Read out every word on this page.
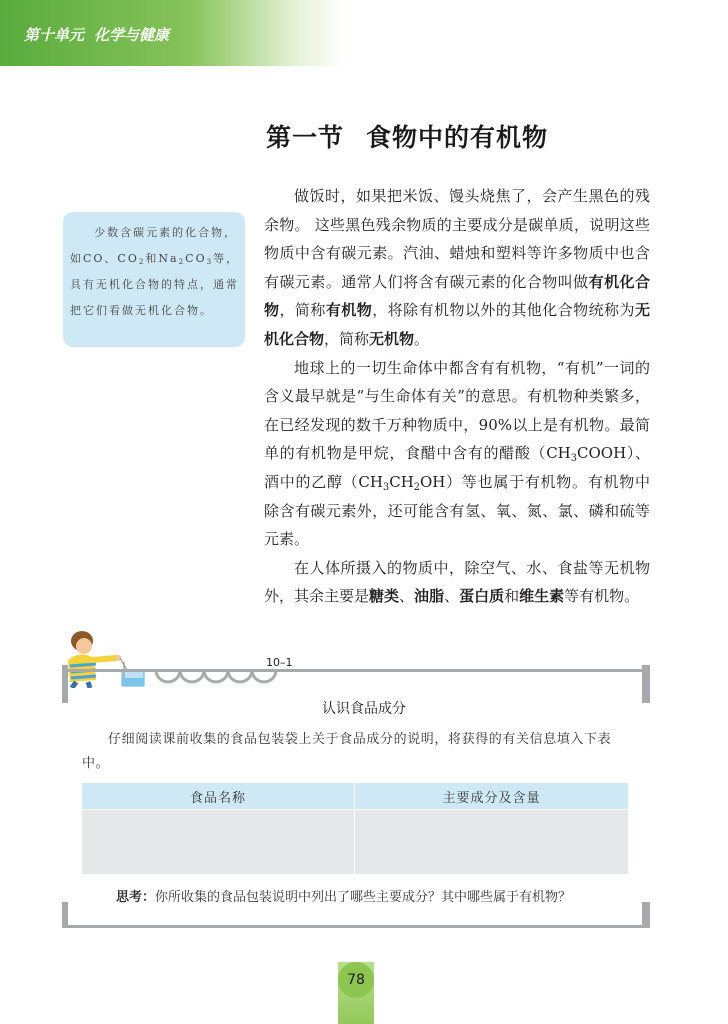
第十单元 化学与健康
第一节 食物中的有机物

少数含碳元素的化合物，如CO、$CO_2$和$Na_2CO_3$等，具有无机化合物的特点，通常把它们看做无机化合物。

做饭时，如果把米饭、馒头烧焦了，会产生黑色的残余物。 这些黑色残余物质的主要成分是碳单质，说明这些物质中含有碳元素。汽油、蜡烛和塑料等许多物质中也含有碳元素。通常人们将含有碳元素的化合物叫做有机化合物，简称有机物，将除有机物以外的其他化合物统称为无机化合物，简称无机物。

地球上的一切生命体中都含有有机物，“有机”一词的含义最早就是“与生命体有关”的意思。有机物种类繁多，在已经发现的数千万种物质中，90%以上是有机物。最简单的有机物是甲烷，食醋中含有的醋酸$(CH_3COOH)$、酒中的乙醇$(CH_3CH_2OH)$等也属于有机物。有机物中除含有碳元素外，还可能含有氢、氧、氮、氯、磷和硫等元素。

在人体所摄入的物质中，除空气、水、食盐等无机物外，其余主要是糖类、油脂、蛋白质和维生素等有机物。

10–1
认识食品成分

仔细阅读课前收集的食品包装袋上关于食品成分的说明，将获得的有关信息填入下表中。

食品名称	主要成分及含量

思考：你所收集的食品包装说明中列出了哪些主要成分？其中哪些属于有机物？
78
